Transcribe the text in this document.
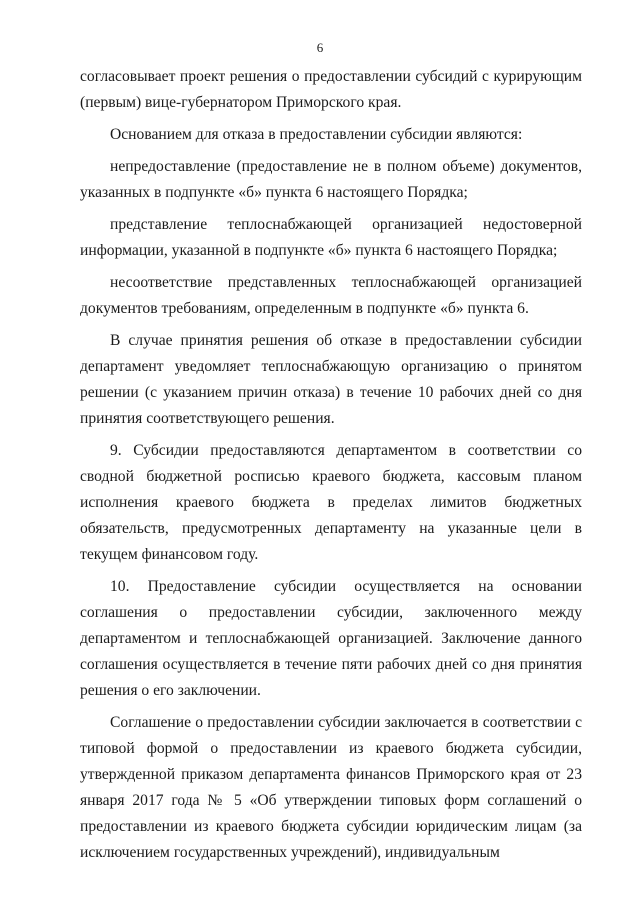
6

согласовывает проект решения о предоставлении субсидий с курирующим (первым) вице-губернатором Приморского края.

Основанием для отказа в предоставлении субсидии являются:

непредоставление (предоставление не в полном объеме) документов, указанных в подпункте «б» пункта 6 настоящего Порядка;

представление теплоснабжающей организацией недостоверной информации, указанной в подпункте «б» пункта 6 настоящего Порядка;

несоответствие представленных теплоснабжающей организацией документов требованиям, определенным в подпункте «б» пункта 6.

В случае принятия решения об отказе в предоставлении субсидии департамент уведомляет теплоснабжающую организацию о принятом решении (с указанием причин отказа) в течение 10 рабочих дней со дня принятия соответствующего решения.

9. Субсидии предоставляются департаментом в соответствии со сводной бюджетной росписью краевого бюджета, кассовым планом исполнения краевого бюджета в пределах лимитов бюджетных обязательств, предусмотренных департаменту на указанные цели в текущем финансовом году.

10. Предоставление субсидии осуществляется на основании соглашения о предоставлении субсидии, заключенного между департаментом и теплоснабжающей организацией. Заключение данного соглашения осуществляется в течение пяти рабочих дней со дня принятия решения о его заключении.

Соглашение о предоставлении субсидии заключается в соответствии с типовой формой о предоставлении из краевого бюджета субсидии, утвержденной приказом департамента финансов Приморского края от 23 января 2017 года № 5 «Об утверждении типовых форм соглашений о предоставлении из краевого бюджета субсидии юридическим лицам (за исключением государственных учреждений), индивидуальным
